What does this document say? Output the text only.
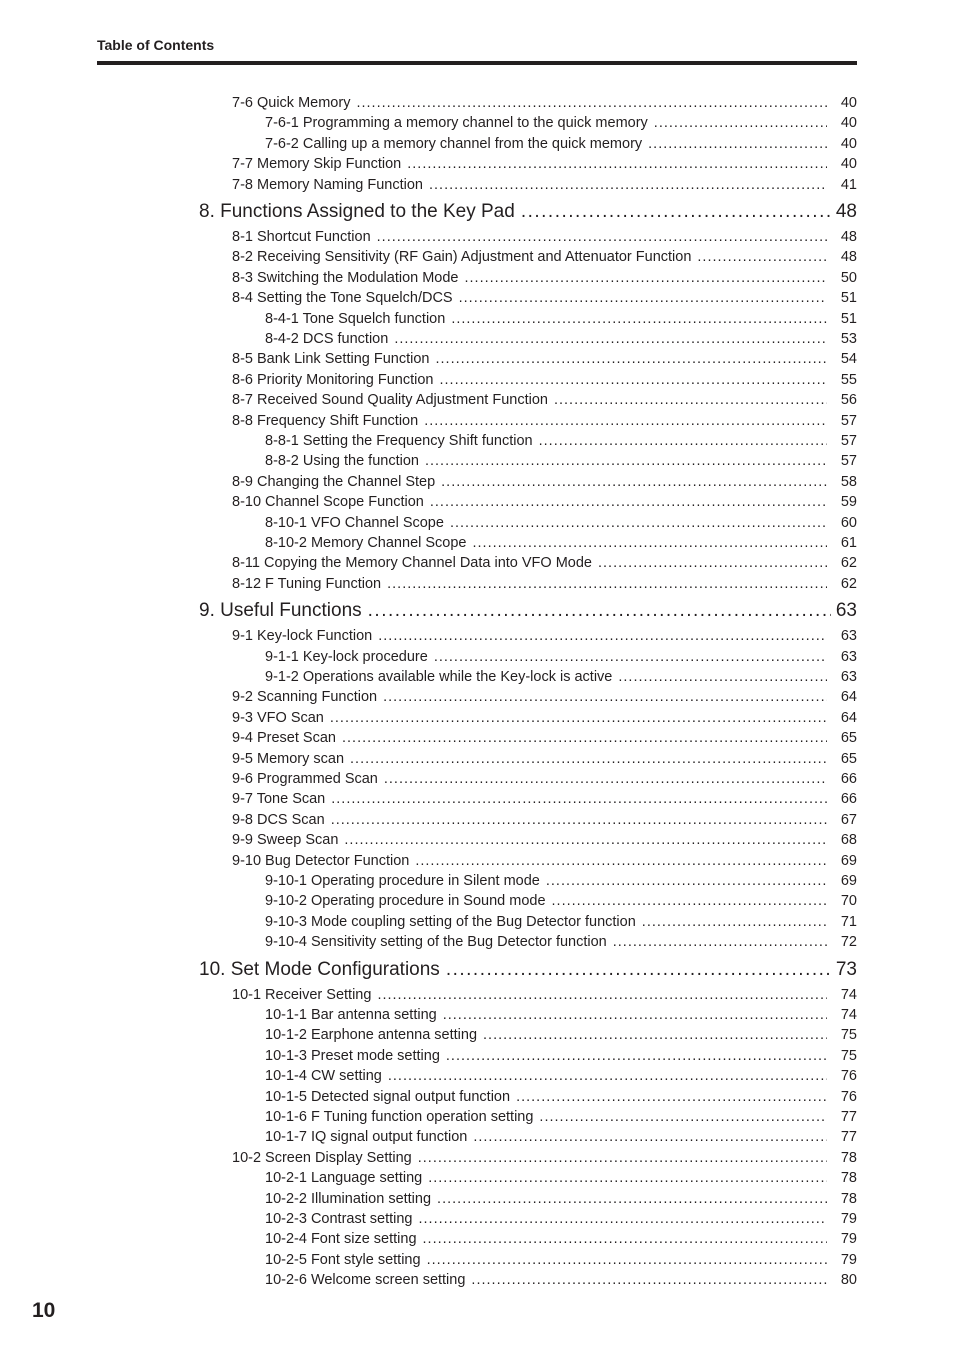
Table of Contents
7-6 Quick Memory .....	40
7-6-1 Programming a memory channel to the quick memory .....	40
7-6-2 Calling up a memory channel from the quick memory .....	40
7-7 Memory Skip Function .....	40
7-8 Memory Naming Function .....	41
8. Functions Assigned to the Key Pad .....	48
8-1 Shortcut Function .....	48
8-2 Receiving Sensitivity (RF Gain) Adjustment and Attenuator Function .....	48
8-3 Switching the Modulation Mode .....	50
8-4 Setting the Tone Squelch/DCS .....	51
8-4-1 Tone Squelch function .....	51
8-4-2 DCS function .....	53
8-5 Bank Link Setting Function .....	54
8-6 Priority Monitoring Function .....	55
8-7 Received Sound Quality Adjustment Function .....	56
8-8 Frequency Shift Function .....	57
8-8-1 Setting the Frequency Shift function .....	57
8-8-2 Using the function .....	57
8-9 Changing the Channel Step .....	58
8-10 Channel Scope Function .....	59
8-10-1 VFO Channel Scope .....	60
8-10-2 Memory Channel Scope .....	61
8-11 Copying the Memory Channel Data into VFO Mode .....	62
8-12 F Tuning Function .....	62
9. Useful Functions .....	63
9-1 Key-lock Function .....	63
9-1-1 Key-lock procedure .....	63
9-1-2 Operations available while the Key-lock is active .....	63
9-2 Scanning Function .....	64
9-3 VFO Scan .....	64
9-4 Preset Scan .....	65
9-5 Memory scan .....	65
9-6 Programmed Scan .....	66
9-7 Tone Scan .....	66
9-8 DCS Scan .....	67
9-9 Sweep Scan .....	68
9-10 Bug Detector Function .....	69
9-10-1 Operating procedure in Silent mode .....	69
9-10-2 Operating procedure in Sound mode .....	70
9-10-3 Mode coupling setting of the Bug Detector function .....	71
9-10-4 Sensitivity setting of the Bug Detector function .....	72
10. Set Mode Configurations .....	73
10-1 Receiver Setting .....	74
10-1-1 Bar antenna setting .....	74
10-1-2 Earphone antenna setting .....	75
10-1-3 Preset mode setting .....	75
10-1-4 CW setting .....	76
10-1-5 Detected signal output function .....	76
10-1-6 F Tuning function operation setting .....	77
10-1-7 IQ signal output function .....	77
10-2 Screen Display Setting .....	78
10-2-1 Language setting .....	78
10-2-2 Illumination setting .....	78
10-2-3 Contrast setting .....	79
10-2-4 Font size setting .....	79
10-2-5 Font style setting .....	79
10-2-6 Welcome screen setting .....	80
10
